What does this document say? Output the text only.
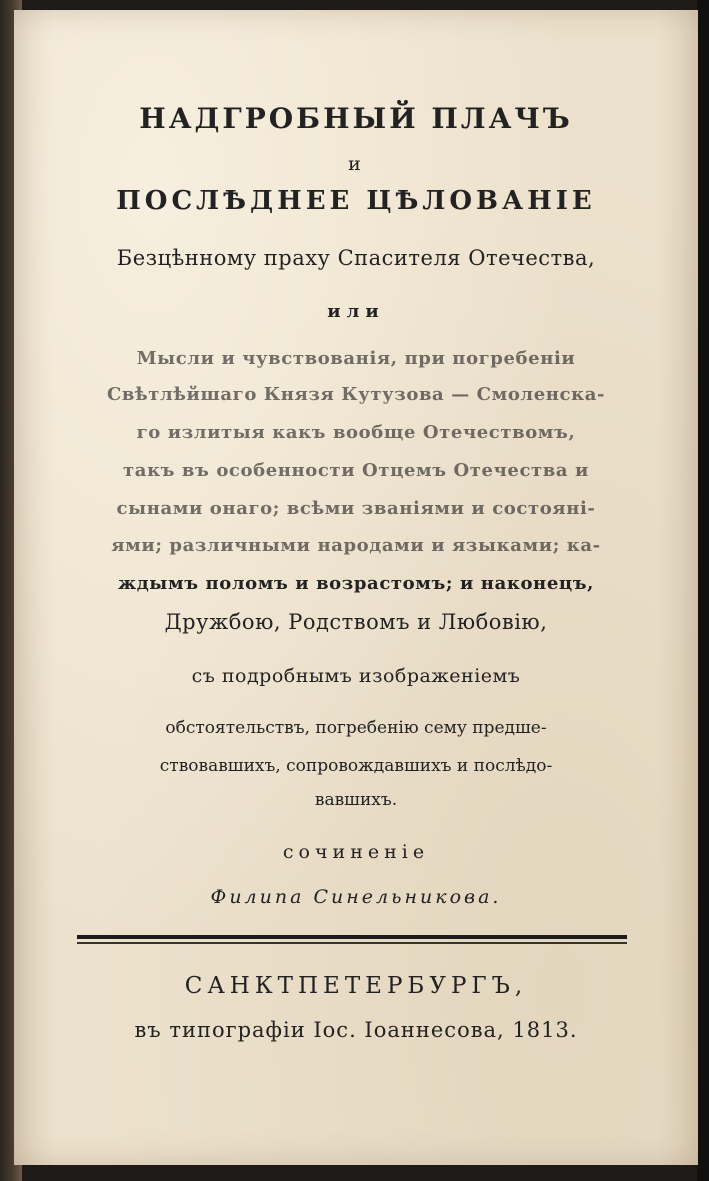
НАДГРОБНЫЙ ПЛАЧЪ
и
ПОСЛѢДНЕЕ ЦѢЛОВАНІЕ
Безцѣнному праху Спасителя Отечества,
или
Мысли и чувствованія, при погребеніи
Свѣтлѣйшаго Князя Кутузова — Смоленска-
го излитыя какъ вообще Отечествомъ,
такъ въ особенности Отцемъ Отечества и
сынами онаго; всѣми званіями и состояні-
ями; различными народами и языками; ка-
ждымъ поломъ и возрастомъ; и наконецъ,
Дружбою, Родствомъ и Любовію,
съ подробнымъ изображеніемъ
обстоятельствъ, погребенію сему предше-
ствовавшихъ, сопровождавшихъ и послѣдо-
вавшихъ.
сочиненіе
Филипа Синельникова.
САНКТПЕТЕРБУРГЪ,
въ типографіи Іос. Іоаннесова, 1813.
